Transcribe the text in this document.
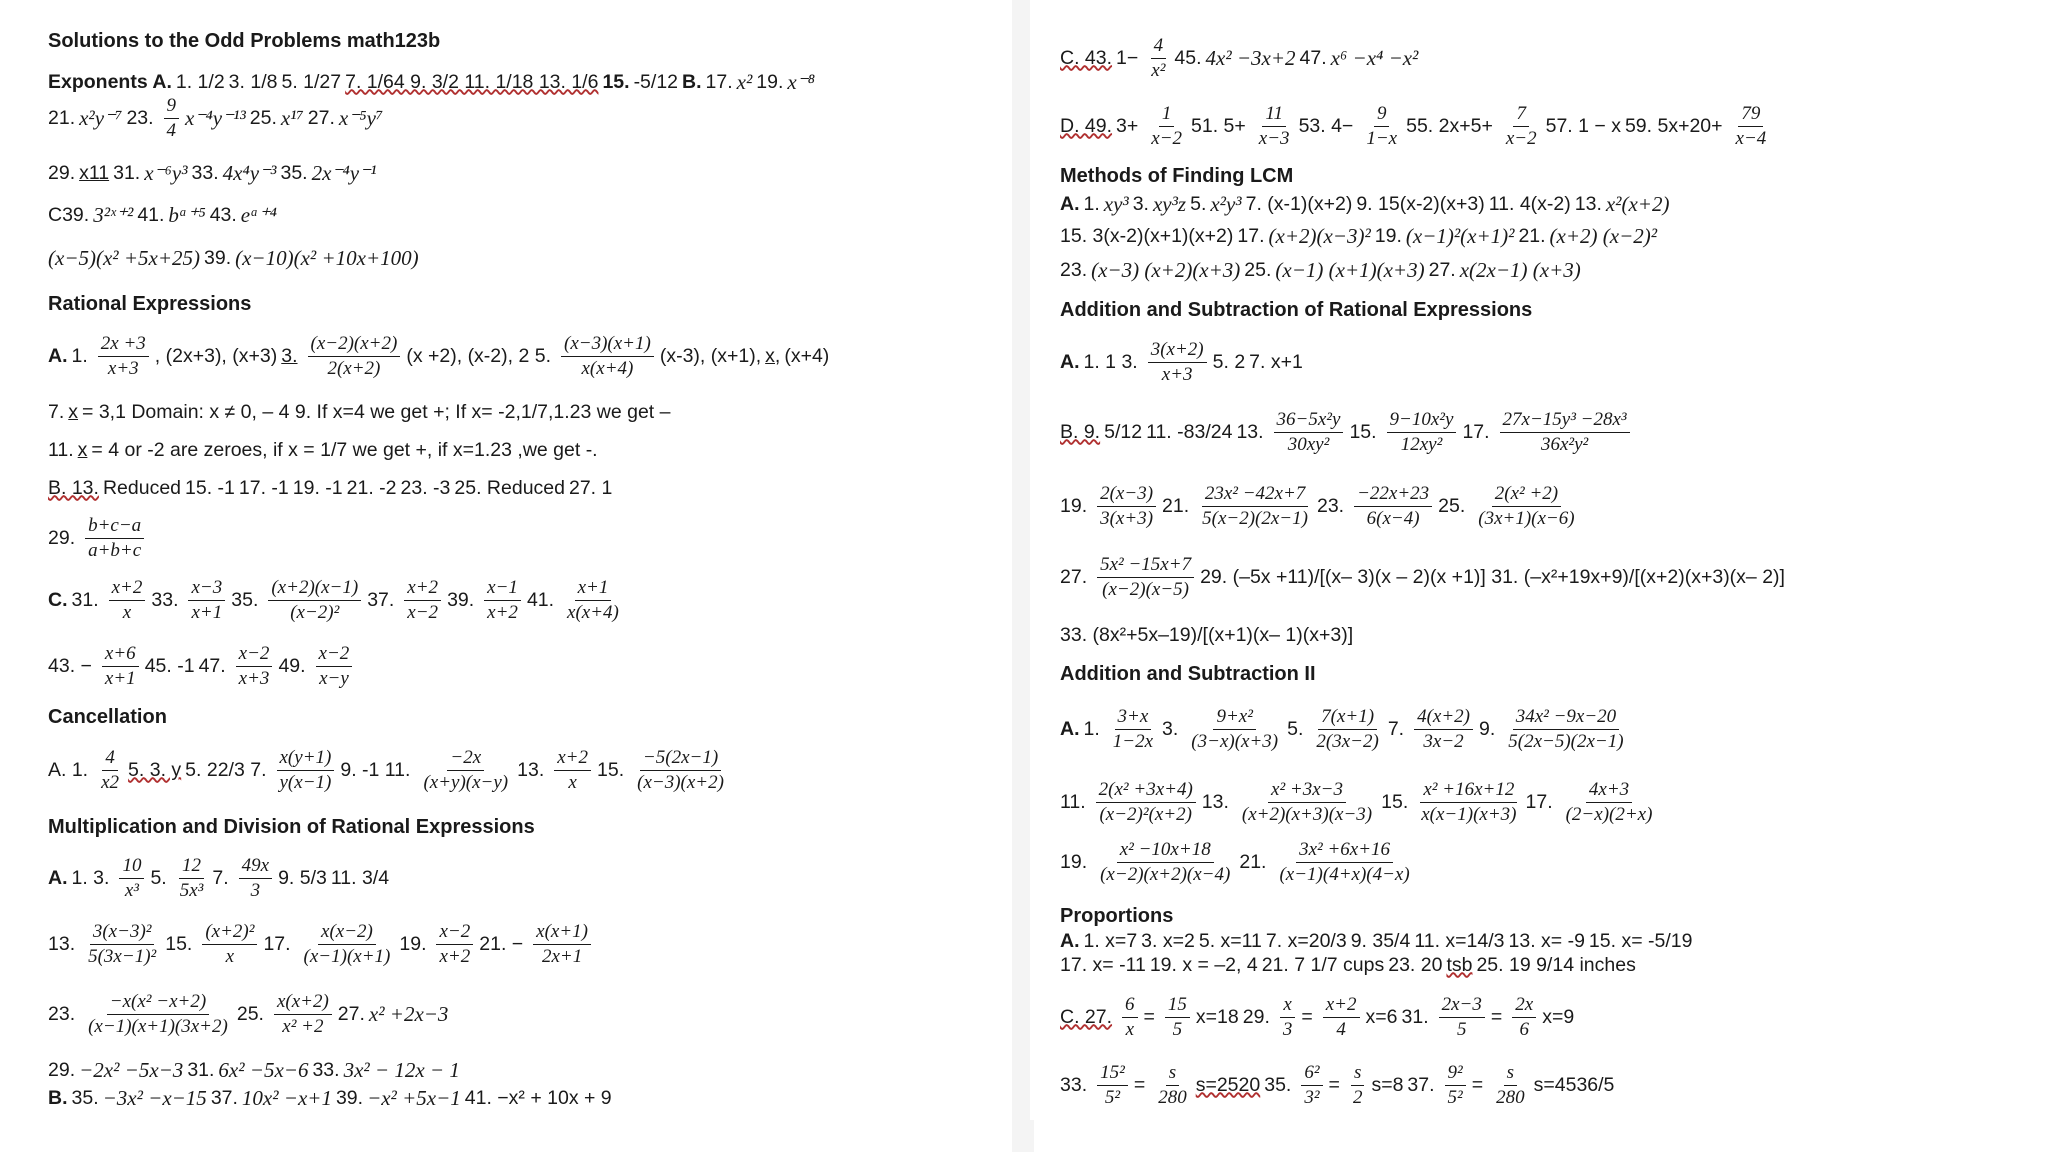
Solutions to the Odd Problems math123b
Exponents A. 1. 1/2 3. 1/8 5. 1/27 7. 1/64 9. 3/2 11. 1/18 13. 1/6 15. -5/12 B. 17. x² 19. x⁻⁸
21. x²y⁻⁷ 23. $\frac{9}{4} x^{-4}y^{-13}$ 25. x¹⁷ 27. x⁻⁵y⁷
29. x11 31. x⁻⁶y³ 33. 4x⁴y⁻³ 35. 2x⁻⁴y⁻¹
C39. 3²ˣ⁺² 41. bᵃ⁺⁵ 43. eᵃ⁺⁴
(x−5)(x² +5x+25) 39. (x−10)(x² +10x+100)
Rational Expressions
A. 1. $\frac{2x +3}{x+3}$ , (2x+3), (x+3) 3. $\frac{(x-2)(x+2)}{2(x+2)} (x +2)$, (x-2), 2 5. $\frac{(x-3)(x+1)}{x(x+4)} (x-3)$, (x+1), x, (x+4)
7. x = 3,1 Domain: x ≠ 0, – 4 9. If x=4 we get +; If x= -2,1/7,1.23 we get –
11. x = 4 or -2 are zeroes, if x = 1/7 we get +, if x=1.23 ,we get -.
B. 13. Reduced 15. -1 17. -1 19. -1 21. -2 23. -3 25. Reduced 27. 1
29. $\frac{b+c-a}{a+b+c}$
C. 31. $\frac{x+2}{x} 33$. $\frac{x-3}{x+1} 35$. $\frac{(x+2)(x-1)}{\text{(x−2)²}} 37$. $\frac{x+2}{x-2} 39$. $\frac{x-1}{x+2} 41$. $\frac{x+1}{x(x+4)}$
43. − $\frac{x+6}{x+1} 45$. -1 47. $\frac{x-2}{x+3} 49$. $\frac{x-2}{x-y}$
Cancellation
A. 1. $\frac{4}{x2} 5$. 3. y 5. 22/3 7. $\frac{x(y+1)}{y(x-1)} 9$. -1 11. $\frac{-2x}{(x+y)(x-y)} 13$. $\frac{x+2}{x} 15$. $\frac{-5(2x-1)}{(x-3)(x+2)}$
Multiplication and Division of Rational Expressions
A. 1. 3. $\frac{10}{\text{x³}} 5$. $\frac{12}{\text{5x³}} 7$. $\frac{49x}{3} 9$. 5/3 11. 3/4
13. $\frac{\text{3(x−3)²}}{\text{5(3x−1)²}} 15$. $\frac{\text{(x+2)²}}{x} 17$. $\frac{x(x-2)}{(x-1)(x+1)} 19$. $\frac{x-2}{x+2} 21$. − $\frac{x(x+1)}{2x+1}$
23. $\frac{\text{−x(x² −x+2)}}{(x-1)(x+1)(3x+2)} 25$. $\frac{x(x+2)}{\text{x² +2}} 27$. x² +2x−3
29. −2x² −5x−3 31. 6x² −5x−6 33. 3x² − 12x − 1
B. 35. −3x² −x−15 37. 10x² −x+1 39. −x² +5x−1 41. −x² + 10x + 9
C. 43. $1- \frac{4}{\text{x²}} 45$. 4x² −3x+2 47. x⁶ −x⁴ −x²
D. 49. $3+ \frac{1}{x-2} 51$. $5+ \frac{11}{x-3} 53$. $4- \frac{9}{1-x} 55$. $2x+5+ \frac{7}{x-2} 57$. 1 − x 59. $5x+20+ \frac{79}{x-4}$
Methods of Finding LCM
A. 1. xy³ 3. xy³z 5. x²y³ 7. (x-1)(x+2) 9. 15(x-2)(x+3) 11. 4(x-2) 13. x²(x+2)
15. 3(x-2)(x+1)(x+2) 17. (x+2)(x−3)² 19. (x−1)²(x+1)² 21. (x+2) (x−2)²
23. (x−3) (x+2)(x+3) 25. (x−1) (x+1)(x+3) 27. x(2x−1) (x+3)
Addition and Subtraction of Rational Expressions
A. 1. 1 3. $\frac{3(x+2)}{x+3} 5$. 2 7. x+1
B. 9. 5/12 11. -83/24 13. $\frac{\text{36−5x²y}}{\text{30xy²}} 15$. $\frac{\text{9−10x²y}}{\text{12xy²}} 17$. $\frac{\text{27x−15y³ −28x³}}{\text{36x²y²}}$
19. $\frac{2(x-3)}{3(x+3)} 21$. $\frac{\text{23x² −42x+7}}{5(x-2)(2x-1)} 23$. $\frac{-22x+23}{6(x-4)} 25$. $\frac{\text{2(x² +2)}}{(3x+1)(x-6)}$
27. $\frac{\text{5x² −15x+7}}{(x-2)(x-5)} 29$. (–5x +11)/[(x– 3)(x – 2)(x +1)] 31. (–x²+19x+9)/[(x+2)(x+3)(x– 2)]
33. (8x²+5x–19)/[(x+1)(x– 1)(x+3)]
Addition and Subtraction II
A. 1. $\frac{3+x}{1-2x} 3$. $\frac{\text{9+x²}}{(3-x)(x+3)} 5$. $\frac{7(x+1)}{2(3x-2)} 7$. $\frac{4(x+2)}{3x-2} 9$. $\frac{\text{34x² −9x−20}}{5(2x-5)(2x-1)}$
11. $\frac{\text{2(x² +3x+4)}}{\text{(x−2)²(x+2)}} 13$. $\frac{\text{x² +3x−3}}{(x+2)(x+3)(x-3)} 15$. $\frac{\text{x² +16x+12}}{x(x-1)(x+3)} 17$. $\frac{4x+3}{(2-x)(2+x)}$
19. $\frac{\text{x² −10x+18}}{(x-2)(x+2)(x-4)} 21$. $\frac{\text{3x² +6x+16}}{(x-1)(4+x)(4-x)}$
Proportions
A. 1. x=7 3. x=2 5. x=11 7. x=20/3 9. 35/4 11. x=14/3 13. x= -9 15. x= -5/19
17. x= -11 19. x = –2, 4 21. 7 1/7 cups 23. 20 tsb 25. 19 9/14 inches
C. 27. $\frac{6}{x} = \frac{15}{5} x=18$ 29. $\frac{x}{3} = \frac{x+2}{4} x=6$ 31. $\frac{2x-3}{5} = \frac{2x}{6} x=9$
33. $\frac{\text{15²}}{\text{5²}} = \frac{s}{280} s=2520$ 35. $\frac{\text{6²}}{\text{3²}} = \frac{s}{2} s=8$ 37. $\frac{\text{9²}}{\text{5²}} = \frac{s}{280} s=4536/5$
